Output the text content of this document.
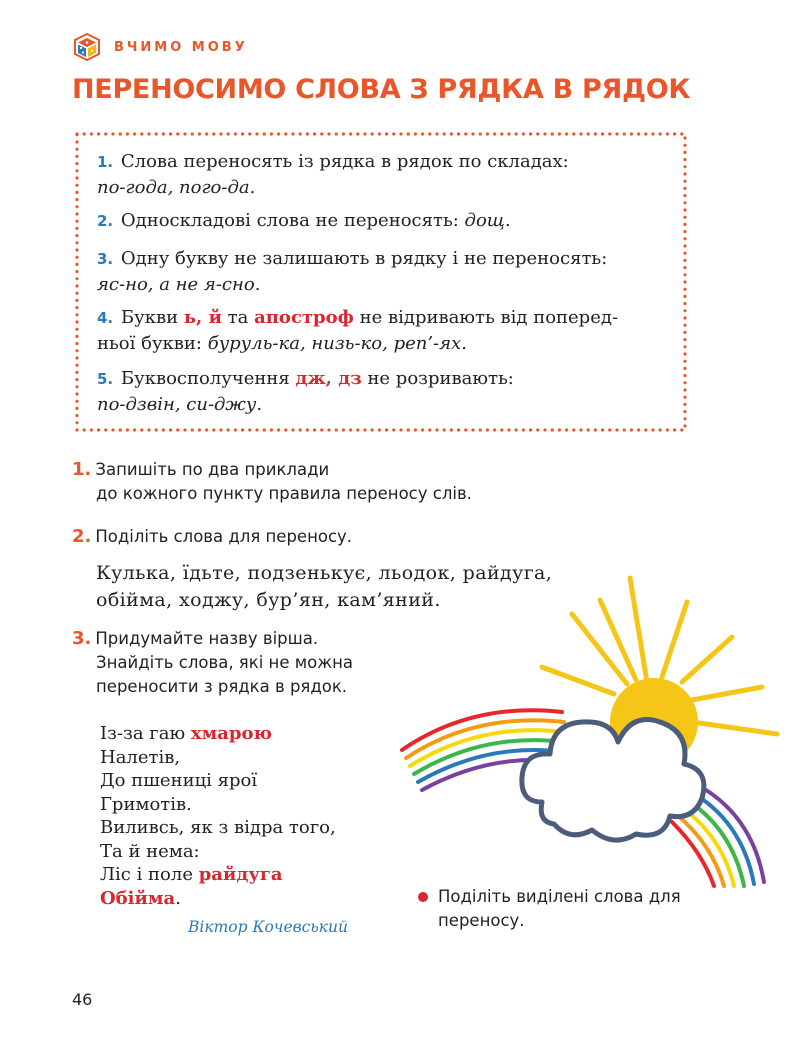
ВЧИМО МОВУ
ПЕРЕНОСИМО СЛОВА З РЯДКА В РЯДОК
1. Слова переносять із рядка в рядок по складах:
по-года, пого-да.
2. Односкладові слова не переносять: дощ.
3. Одну букву не залишають в рядку і не переносять:
яс-но, а не я-сно.
4. Букви ь, й та апостроф не відривають від поперед-
ньої букви: буруль-ка, низь-ко, реп’-ях.
5. Буквосполучення дж, дз не розривають:
по-дзвін, си-джу.
1. Запишіть по два приклади
до кожного пункту правила переносу слів.
2. Поділіть слова для переносу.
Кулька, їдьте, подзенькує, льодок, райдуга,
обійма, ходжу, бур’ян, кам’яний.
3. Придумайте назву вірша.
Знайдіть слова, які не можна
переносити з рядка в рядок.
Із-за гаю хмарою
Налетів,
До пшениці ярої
Гримотів.
Виливсь, як з відра того,
Та й нема:
Ліс і поле райдуга
Обійма.
Віктор Кочевський
Поділіть виділені слова для переносу.
46
